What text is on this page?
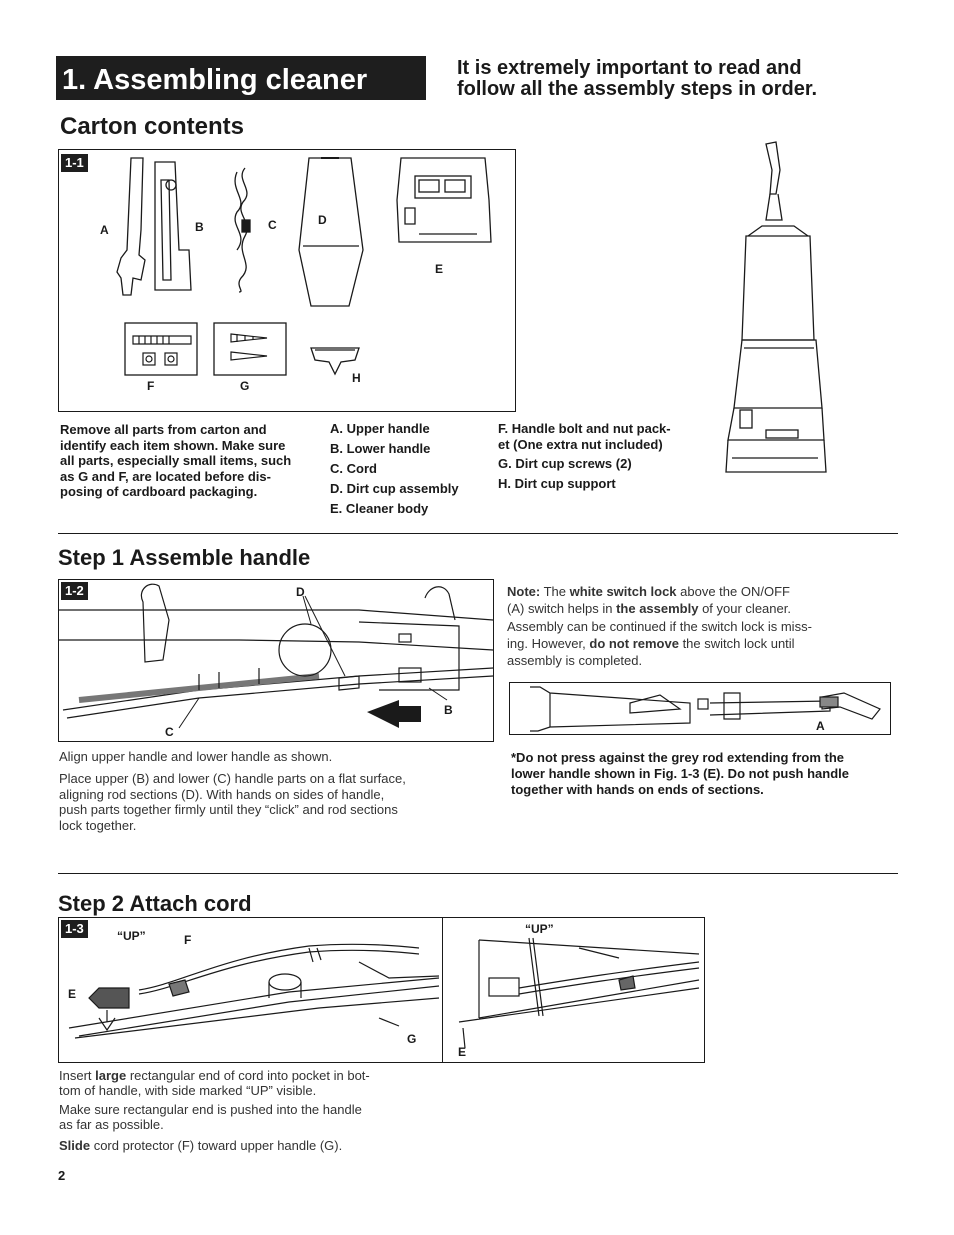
1. Assembling cleaner	It is extremely important to read and
follow all the assembly steps in order.
Carton contents
1-1
A	B	C	D
E
F	G
H
Remove all parts from carton and
identify each item shown. Make sure
all parts, especially small items, such
as G and F, are located before dis-
posing of cardboard packaging.
A. Upper handle
B. Lower handle
C. Cord
D. Dirt cup assembly
E. Cleaner body
F. Handle bolt and nut pack-
et (One extra nut included)
G. Dirt cup screws (2)
H. Dirt cup support
Step 1 Assemble handle
1-2	D
C
B
Align upper handle and lower handle as shown.
Place upper (B) and lower (C) handle parts on a flat surface,
aligning rod sections (D). With hands on sides of handle,
push parts together firmly until they “click” and rod sections
lock together.
Note: The white switch lock above the ON/OFF
(A) switch helps in the assembly of your cleaner.
Assembly can be continued if the switch lock is miss-
ing. However, do not remove the switch lock until
assembly is completed.
A
*Do not press against the grey rod extending from the
lower handle shown in Fig. 1-3 (E). Do not push handle
together with hands on ends of sections.
Step 2 Attach cord
1-3	“UP”	F
E
G
“UP”
E
Insert large rectangular end of cord into pocket in bot-
tom of handle, with side marked “UP” visible.
Make sure rectangular end is pushed into the handle
as far as possible.
Slide cord protector (F) toward upper handle (G).
2
